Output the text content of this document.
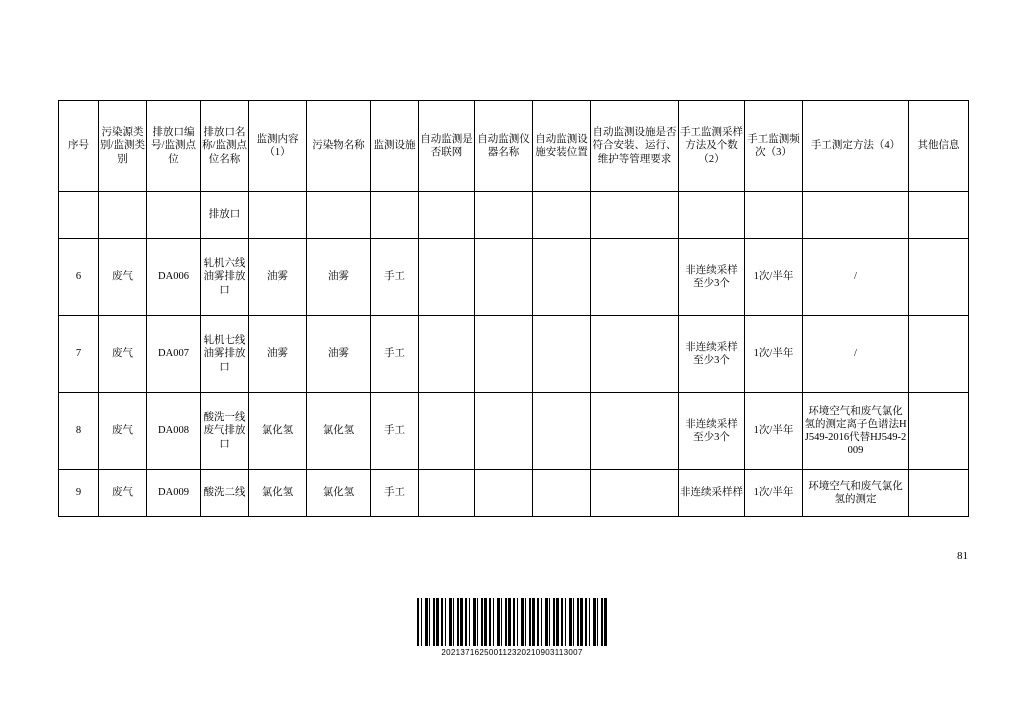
序号	污染源类别/监测类别	排放口编号/监测点位	排放口名称/监测点位名称	监测内容（1）	污染物名称	监测设施	自动监测是否联网	自动监测仪器名称	自动监测设施安装位置	自动监测设施是否符合安装、运行、维护等管理要求	手工监测采样方法及个数（2）	手工监测频次（3）	手工测定方法（4）	其他信息
			排放口											
6	废气	DA006	轧机六线油雾排放口	油雾	油雾	手工					非连续采样 至少3个	1次/半年	/	
7	废气	DA007	轧机七线油雾排放口	油雾	油雾	手工					非连续采样 至少3个	1次/半年	/	
8	废气	DA008	酸洗一线废气排放口	氯化氢	氯化氢	手工					非连续采样 至少3个	1次/半年	环境空气和废气氯化氢的测定离子色谱法HJ549-2016代替HJ549-2009	
9	废气	DA009	酸洗二线	氯化氢	氯化氢	手工					非连续采样样	1次/半年	环境空气和废气氯化氢的测定	
81
202137162500112320210903113007
